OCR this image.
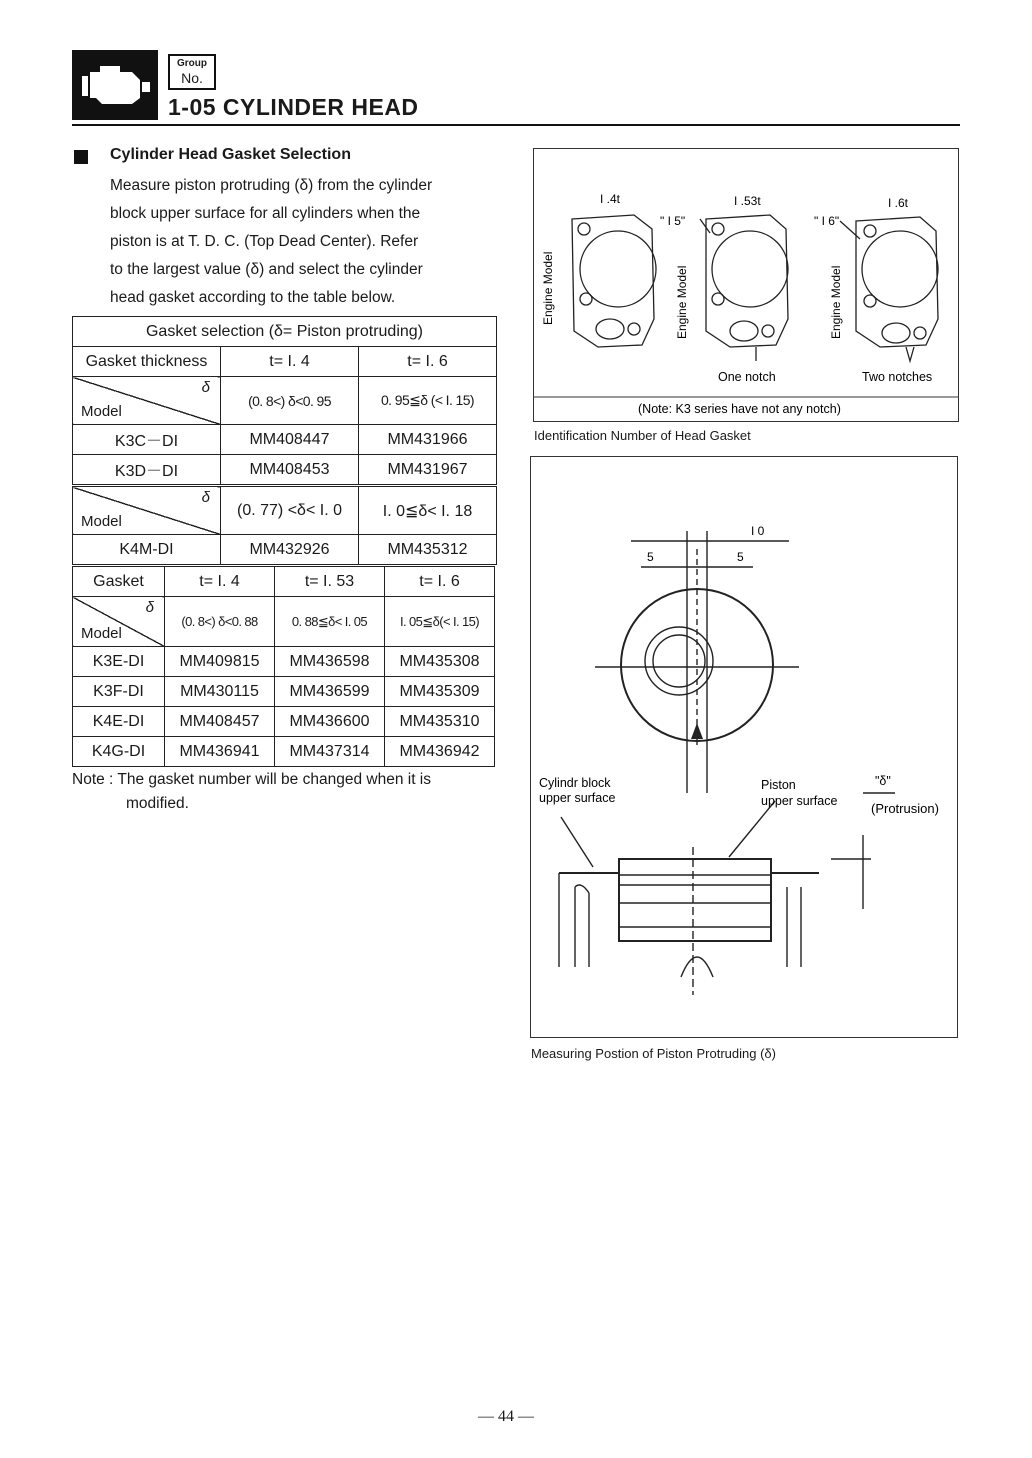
Group
No.
1-05 CYLINDER HEAD
Cylinder Head Gasket Selection

Measure piston protruding (δ) from the cylinder

block upper surface for all cylinders when the

piston is at T. D. C. (Top Dead Center). Refer

to the largest value (δ) and select the cylinder

head gasket according to the table below.

Gasket selection (δ= Piston protruding)		
Gasket thickness	t= I. 4	t= I. 6

δ
Model	(0. 8<) δ<0. 95	0. 95≦δ (< I. 15)
K3C－DI	MM408447	MM431966
K3D－DI	MM408453	MM431967
δ
Model	(0. 77) <δ< I. 0	I. 0≦δ< I. 18
K4M-DI	MM432926	MM435312
Gasket	t= I. 4	t= I. 53	t= I. 6

δ
Model	(0. 8<) δ<0. 88	0. 88≦δ< I. 05	I. 05≦δ(< I. 15)
K3E-DI	MM409815	MM436598	MM435308
K3F-DI	MM430115	MM436599	MM435309
K4E-DI	MM408457	MM436600	MM435310
K4G-DI	MM436941	MM437314	MM436942
Note : The gasket number will be changed when it is
modified.
I .4t	I .53t	I .6t
" I 5"	" I 6"
Engine Model	Engine Model	Engine Model
One notch	Two notches
(Note: K3 series have not any notch)
Identification Number of Head Gasket
I 0
5	5
Cylindr block
upper surface
Piston
upper surface
"δ"
(Protrusion)
Measuring Postion of Piston Protruding (δ)
— 44 —
